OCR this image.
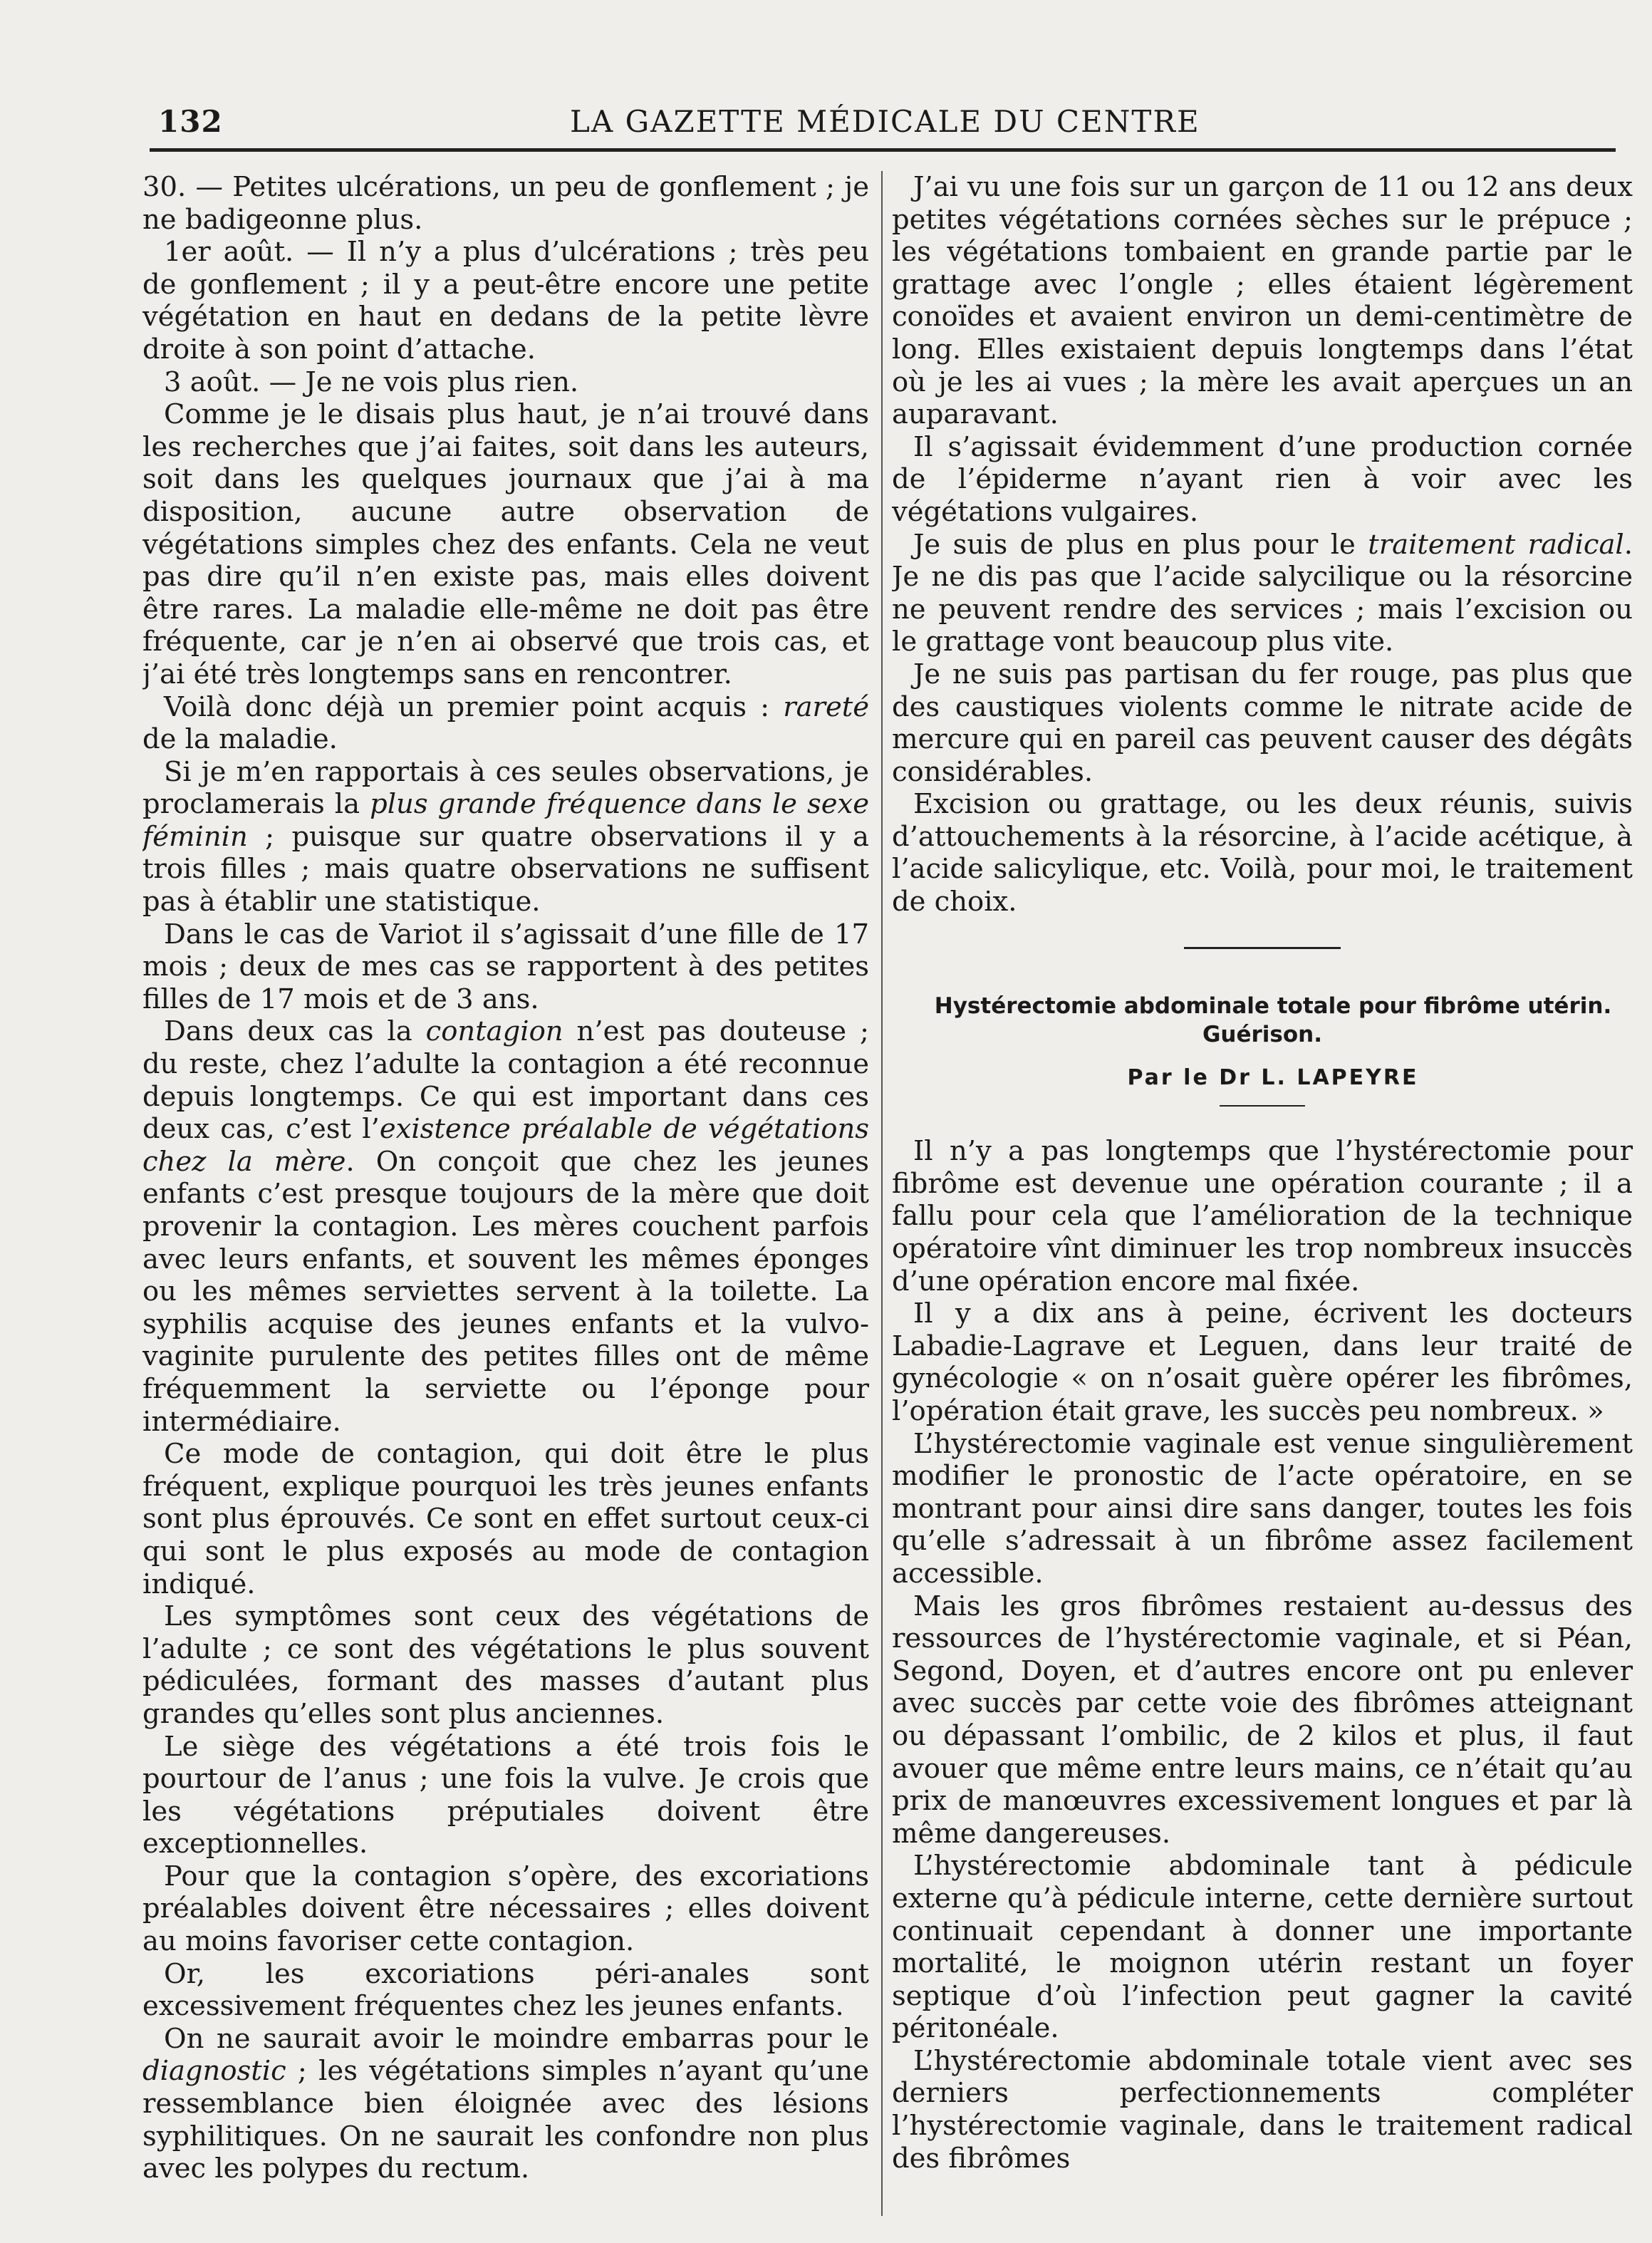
132	LA GAZETTE MÉDICALE DU CENTRE

30. — Petites ulcérations, un peu de gonflement ; je ne badigeonne plus.

1er août. — Il n’y a plus d’ulcérations ; très peu de gonflement ; il y a peut-être encore une petite végétation en haut en dedans de la petite lèvre droite à son point d’attache.

3 août. — Je ne vois plus rien.

Comme je le disais plus haut, je n’ai trouvé dans les recherches que j’ai faites, soit dans les auteurs, soit dans les quelques journaux que j’ai à ma disposition, aucune autre observation de végétations simples chez des enfants. Cela ne veut pas dire qu’il n’en existe pas, mais elles doivent être rares. La maladie elle-même ne doit pas être fréquente, car je n’en ai observé que trois cas, et j’ai été très longtemps sans en rencontrer.

Voilà donc déjà un premier point acquis : rareté de la maladie.

Si je m’en rapportais à ces seules observations, je proclamerais la plus grande fréquence dans le sexe féminin ; puisque sur quatre observations il y a trois filles ; mais quatre observations ne suffisent pas à établir une statistique.

Dans le cas de Variot il s’agissait d’une fille de 17 mois ; deux de mes cas se rapportent à des petites filles de 17 mois et de 3 ans.

Dans deux cas la contagion n’est pas douteuse ; du reste, chez l’adulte la contagion a été reconnue depuis longtemps. Ce qui est important dans ces deux cas, c’est l’existence préalable de végétations chez la mère. On conçoit que chez les jeunes enfants c’est presque toujours de la mère que doit provenir la contagion. Les mères couchent parfois avec leurs enfants, et souvent les mêmes éponges ou les mêmes serviettes servent à la toilette. La syphilis acquise des jeunes enfants et la vulvo-vaginite purulente des petites filles ont de même fréquemment la serviette ou l’éponge pour intermédiaire.

Ce mode de contagion, qui doit être le plus fréquent, explique pourquoi les très jeunes enfants sont plus éprouvés. Ce sont en effet surtout ceux-ci qui sont le plus exposés au mode de contagion indiqué.

Les symptômes sont ceux des végétations de l’adulte ; ce sont des végétations le plus souvent pédiculées, formant des masses d’autant plus grandes qu’elles sont plus anciennes.

Le siège des végétations a été trois fois le pourtour de l’anus ; une fois la vulve. Je crois que les végétations préputiales doivent être exceptionnelles.

Pour que la contagion s’opère, des excoriations préalables doivent être nécessaires ; elles doivent au moins favoriser cette contagion.

Or, les excoriations péri-anales sont excessivement fréquentes chez les jeunes enfants.

On ne saurait avoir le moindre embarras pour le diagnostic ; les végétations simples n’ayant qu’une ressemblance bien éloignée avec des lésions syphilitiques. On ne saurait les confondre non plus avec les polypes du rectum.

J’ai vu une fois sur un garçon de 11 ou 12 ans deux petites végétations cornées sèches sur le prépuce ; les végétations tombaient en grande partie par le grattage avec l’ongle ; elles étaient légèrement conoïdes et avaient environ un demi-centimètre de long. Elles existaient depuis longtemps dans l’état où je les ai vues ; la mère les avait aperçues un an auparavant.

Il s’agissait évidemment d’une production cornée de l’épiderme n’ayant rien à voir avec les végétations vulgaires.

Je suis de plus en plus pour le traitement radical. Je ne dis pas que l’acide salycilique ou la résorcine ne peuvent rendre des services ; mais l’excision ou le grattage vont beaucoup plus vite.

Je ne suis pas partisan du fer rouge, pas plus que des caustiques violents comme le nitrate acide de mercure qui en pareil cas peuvent causer des dégâts considérables.

Excision ou grattage, ou les deux réunis, suivis d’attouchements à la résorcine, à l’acide acétique, à l’acide salicylique, etc. Voilà, pour moi, le traitement de choix.

Hystérectomie abdominale totale pour fibrôme utérin. Guérison.

Par le Dr L. LAPEYRE

Il n’y a pas longtemps que l’hystérectomie pour fibrôme est devenue une opération courante ; il a fallu pour cela que l’amélioration de la technique opératoire vînt diminuer les trop nombreux insuccès d’une opération encore mal fixée.

Il y a dix ans à peine, écrivent les docteurs Labadie-Lagrave et Leguen, dans leur traité de gynécologie « on n’osait guère opérer les fibrômes, l’opération était grave, les succès peu nombreux. »

L’hystérectomie vaginale est venue singulièrement modifier le pronostic de l’acte opératoire, en se montrant pour ainsi dire sans danger, toutes les fois qu’elle s’adressait à un fibrôme assez facilement accessible.

Mais les gros fibrômes restaient au-dessus des ressources de l’hystérectomie vaginale, et si Péan, Segond, Doyen, et d’autres encore ont pu enlever avec succès par cette voie des fibrômes atteignant ou dépassant l’ombilic, de 2 kilos et plus, il faut avouer que même entre leurs mains, ce n’était qu’au prix de manœuvres excessivement longues et par là même dangereuses.

L’hystérectomie abdominale tant à pédicule externe qu’à pédicule interne, cette dernière surtout continuait cependant à donner une importante mortalité, le moignon utérin restant un foyer septique d’où l’infection peut gagner la cavité péritonéale.

L’hystérectomie abdominale totale vient avec ses derniers perfectionnements compléter l’hystérectomie vaginale, dans le traitement radical des fibrômes
